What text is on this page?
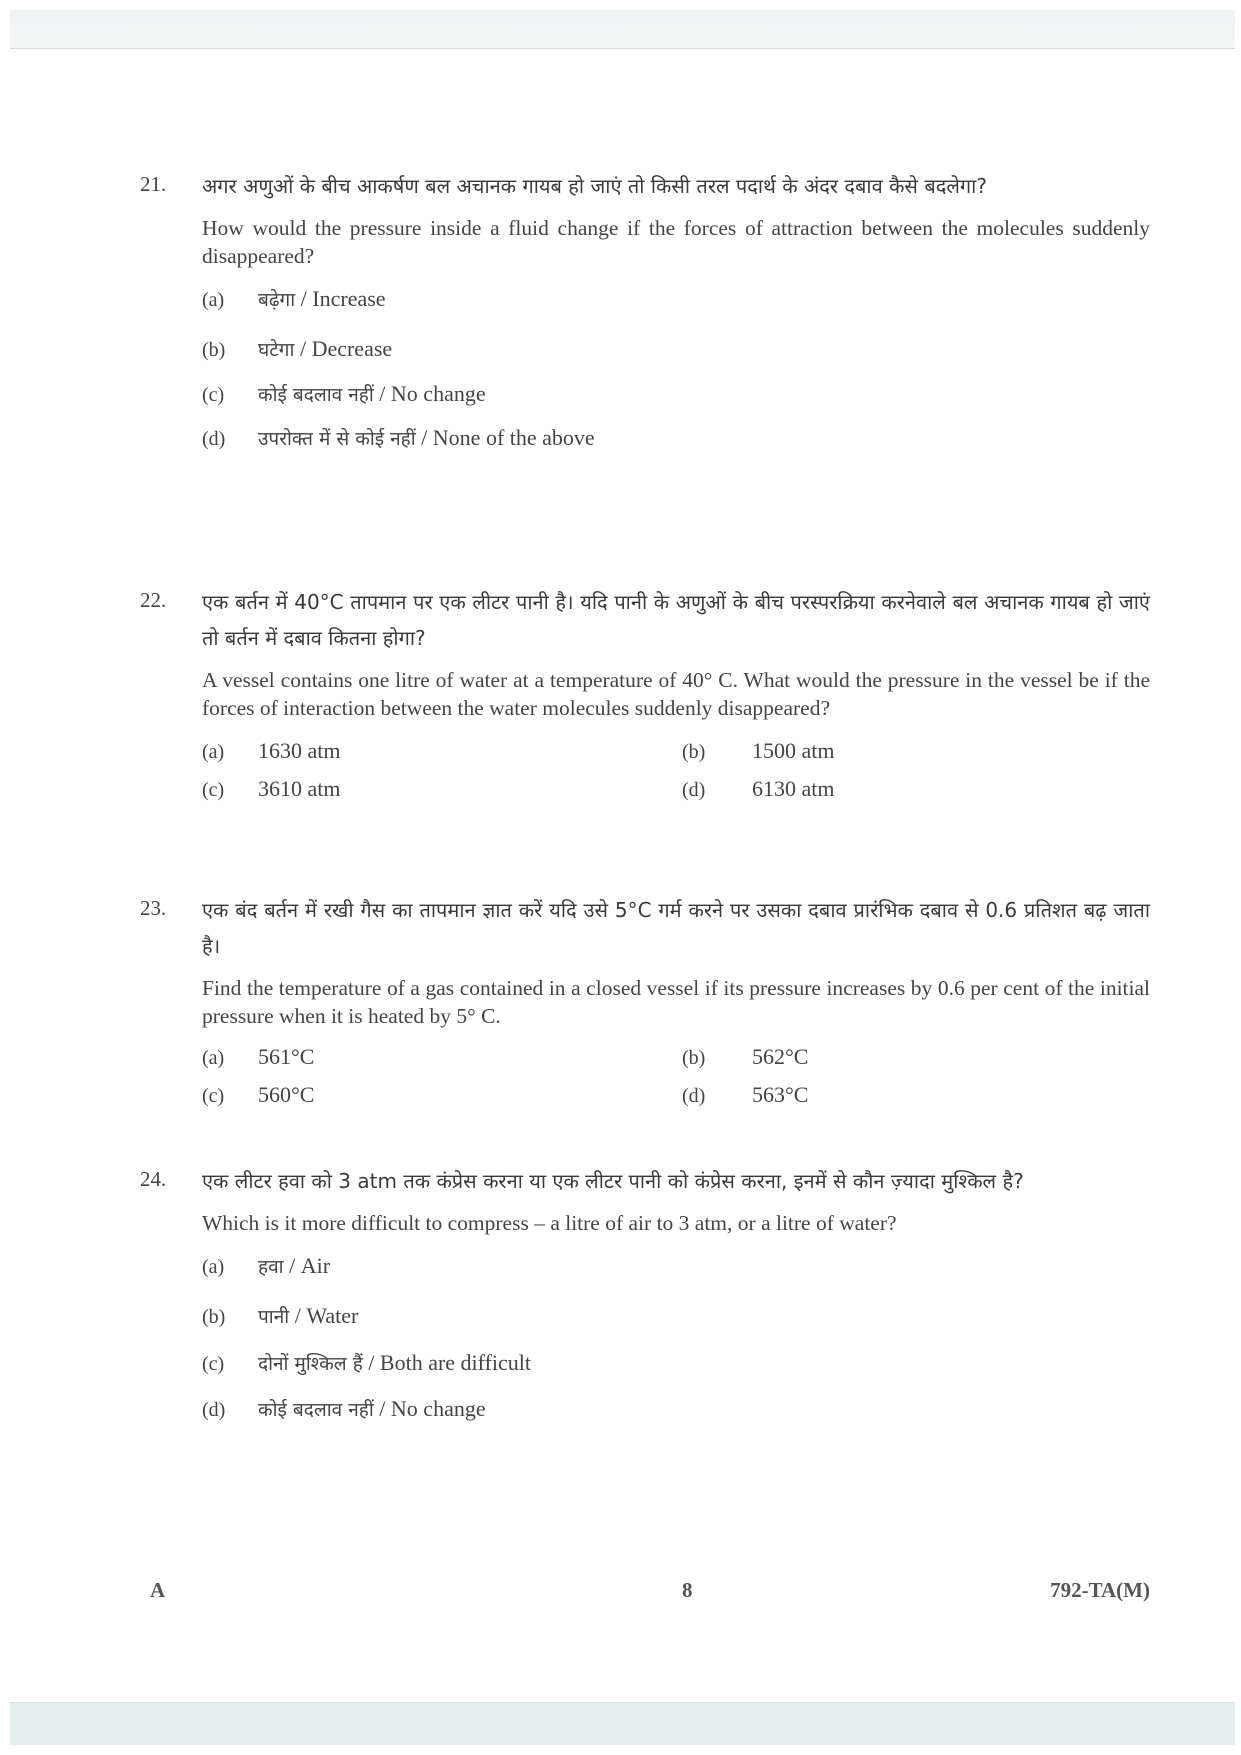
21. अगर अणुओं के बीच आकर्षण बल अचानक गायब हो जाएं तो किसी तरल पदार्थ के अंदर दबाव कैसे बदलेगा?
How would the pressure inside a fluid change if the forces of attraction between the molecules suddenly disappeared?
(a)	बढ़ेगा / Increase
(b)	घटेगा / Decrease
(c)	कोई बदलाव नहीं / No change
(d)	उपरोक्त में से कोई नहीं / None of the above
22. एक बर्तन में 40°C तापमान पर एक लीटर पानी है। यदि पानी के अणुओं के बीच परस्परक्रिया करनेवाले बल अचानक गायब हो जाएं तो बर्तन में दबाव कितना होगा?
A vessel contains one litre of water at a temperature of 40° C. What would the pressure in the vessel be if the forces of interaction between the water molecules suddenly disappeared?
(a)	1630 atm	(b)	1500 atm
(c)	3610 atm	(d)	6130 atm
23. एक बंद बर्तन में रखी गैस का तापमान ज्ञात करें यदि उसे 5°C गर्म करने पर उसका दबाव प्रारंभिक दबाव से 0.6 प्रतिशत बढ़ जाता है।
Find the temperature of a gas contained in a closed vessel if its pressure increases by 0.6 per cent of the initial pressure when it is heated by 5° C.
(a)	561°C	(b)	562°C
(c)	560°C	(d)	563°C
24. एक लीटर हवा को 3 atm तक कंप्रेस करना या एक लीटर पानी को कंप्रेस करना, इनमें से कौन ज़्यादा मुश्किल है?
Which is it more difficult to compress – a litre of air to 3 atm, or a litre of water?
(a)	हवा / Air
(b)	पानी / Water
(c)	दोनों मुश्किल हैं / Both are difficult
(d)	कोई बदलाव नहीं / No change
A	8	792-TA(M)
